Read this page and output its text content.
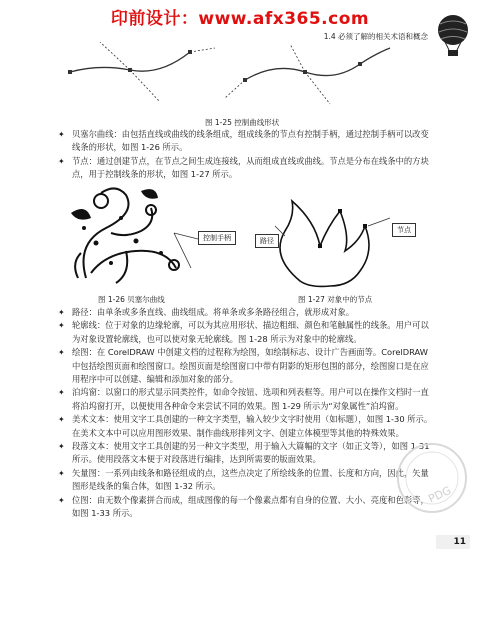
印前设计：www.afx365.com
1.4 必须了解的相关术语和概念
图 1-25 控制曲线形状

✦ 贝塞尔曲线：由包括直线或曲线的线条组成，组成线条的节点有控制手柄，通过控制手柄可以改变线条的形状，如图 1-26 所示。

✦ 节点：通过创建节点，在节点之间生成连接线，从而组成直线或曲线。节点是分布在线条中的方块点，用于控制线条的形状，如图 1-27 所示。

控制手柄
图 1-26 贝塞尔曲线
路径
节点
图 1-27 对象中的节点

✦ 路径：由单条或多条直线、曲线组成。将单条或多条路径组合，就形成对象。

✦ 轮廓线：位于对象的边缘轮廓，可以为其应用形状、描边粗细、颜色和笔触属性的线条。用户可以为对象设置轮廓线，也可以使对象无轮廓线。图 1-28 所示为对象中的轮廓线。

✦ 绘图：在 CorelDRAW 中创建文档的过程称为绘图，如绘制标志、设计广告画面等。CorelDRAW 中包括绘图页面和绘图窗口。绘图页面是绘图窗口中带有阴影的矩形包围的部分，绘图窗口是在应用程序中可以创建、编辑和添加对象的部分。

✦ 泊坞窗：以窗口的形式显示同类控件，如命令按钮、选项和列表框等。用户可以在操作文档时一直将泊坞窗打开，以便使用各种命令来尝试不同的效果。图 1-29 所示为“对象属性”泊坞窗。

✦ 美术文本：使用文字工具创建的一种文字类型，输入较少文字时使用（如标题），如图 1-30 所示。在美术文本中可以应用图形效果、制作曲线形排列文字、创建立体模型等其他的特殊效果。

✦ 段落文本：使用文字工具创建的另一种文字类型，用于输入大篇幅的文字（如正文等），如图 1-31 所示。使用段落文本便于对段落进行编排，达到所需要的版面效果。

✦ 矢量图：一系列由线条和路径组成的点，这些点决定了所绘线条的位置、长度和方向，因此，矢量图形是线条的集合体，如图 1-32 所示。

✦ 位图：由无数个像素拼合而成，组成图像的每一个像素点都有自身的位置、大小、亮度和色彩等，如图 1-33 所示。

PDG
11
